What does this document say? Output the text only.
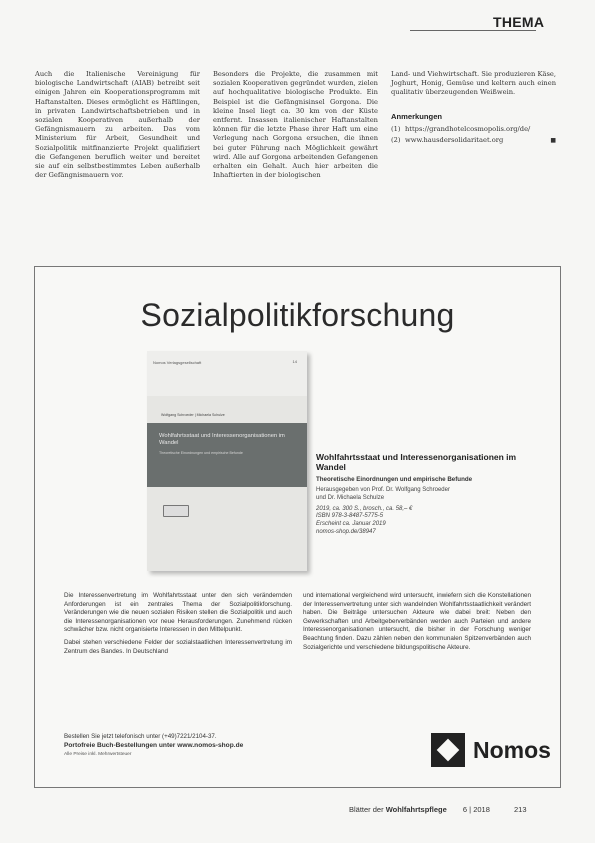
THEMA

Auch die Italienische Vereinigung für biologische Landwirtschaft (AIAB) betreibt seit einigen Jahren ein Kooperationsprogramm mit Haftanstalten. Dieses ermöglicht es Häftlingen, in privaten Landwirtschaftsbetrieben und in sozialen Kooperativen außerhalb der Gefängnismauern zu arbeiten. Das vom Ministerium für Arbeit, Gesundheit und Sozialpolitik mitfinanzierte Projekt qualifiziert die Gefangenen beruflich weiter und bereitet sie auf ein selbstbestimmtes Leben außerhalb der Gefängnismauern vor.

Besonders die Projekte, die zusammen mit sozialen Kooperativen gegründet wurden, zielen auf hochqualitative biologische Produkte. Ein Beispiel ist die Gefängnisinsel Gorgona. Die kleine Insel liegt ca. 30 km von der Küste entfernt. Insassen italienischer Haftanstalten können für die letzte Phase ihrer Haft um eine Verlegung nach Gorgona ersuchen, die ihnen bei guter Führung nach Möglichkeit gewährt wird. Alle auf Gorgona arbeitenden Gefangenen erhalten ein Gehalt. Auch hier arbeiten die Inhaftierten in der biologischen

Land- und Viehwirtschaft. Sie produzieren Käse, Joghurt, Honig, Gemüse und keltern auch einen qualitativ überzeugenden Weißwein.

Anmerkungen
(1) https://grandhotelcosmopolis.org/de/
(2) www.hausdersolidaritaet.org	■
Sozialpolitikforschung
Nomos Verlagsgesellschaft	14
Wolfgang Schroeder | Michaela Schulze
Wohlfahrtsstaat und Interessenorganisationen im Wandel
Theoretische Einordnungen und empirische Befunde	Wohlfahrtsstaat und Interessenorganisationen im Wandel
Theoretische Einordnungen und empirische Befunde
Herausgegeben von Prof. Dr. Wolfgang Schroeder
und Dr. Michaela Schulze
2019, ca. 300 S., brosch., ca. 58,– €
ISBN 978-3-8487-5775-5
Erscheint ca. Januar 2019
nomos-shop.de/38947

Die Interessenvertretung im Wohlfahrtsstaat unter den sich verändernden Anforderungen ist ein zentrales Thema der Sozialpolitikforschung. Veränderungen wie die neuen sozialen Risiken stellen die Sozialpolitik und auch die Interessenorganisationen vor neue Herausforderungen. Zunehmend rücken schwächer bzw. nicht organisierte Interessen in den Mittelpunkt.

Dabei stehen verschiedene Felder der sozialstaatlichen Interessenvertretung im Zentrum des Bandes. In Deutschland

und international vergleichend wird untersucht, inwiefern sich die Konstellationen der Interessenvertretung unter sich wandelnden Wohlfahrtsstaatlichkeit verändert haben. Die Beiträge untersuchen Akteure wie dabei breit: Neben den Gewerkschaften und Arbeitgeberverbänden werden auch Parteien und andere Interessenorganisationen untersucht, die bisher in der Forschung weniger Beachtung finden. Dazu zählen neben den kommunalen Spitzenverbänden auch Sozialgerichte und verschiedene bildungspolitische Akteure.

Bestellen Sie jetzt telefonisch unter (+49)7221/2104-37.
Portofreie Buch-Bestellungen unter www.nomos-shop.de
Alle Preise inkl. Mehrwertsteuer	Nomos
Blätter der Wohlfahrtspflege 6 | 2018	213
